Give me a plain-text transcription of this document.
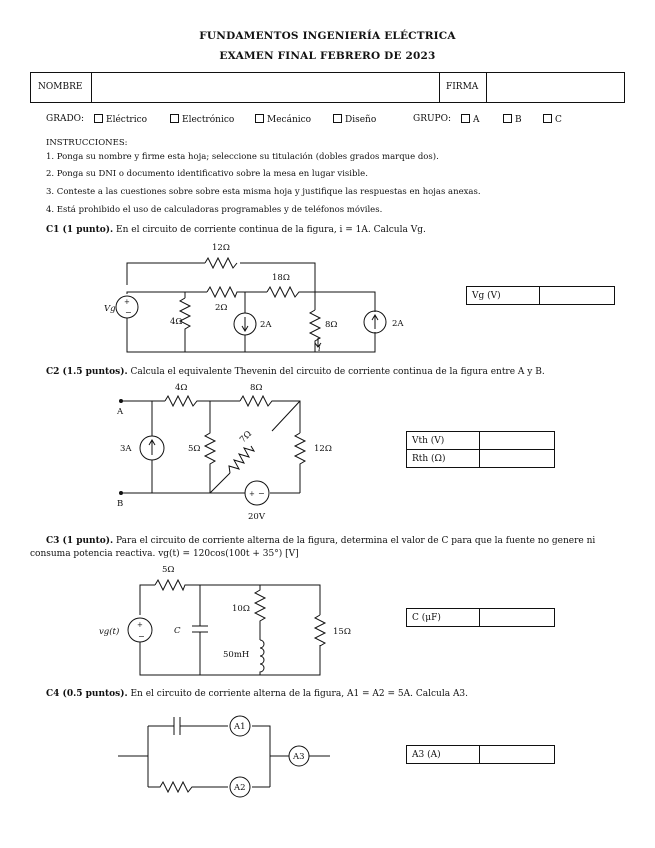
FUNDAMENTOS INGENIERÍA ELÉCTRICA
EXAMEN FINAL FEBRERO DE 2023
NOMBRE	FIRMA
GRADO:	Eléctrico	Electrónico	Mecánico	Diseño	GRUPO:	A	B	C
INSTRUCCIONES:
1. Ponga su nombre y firme esta hoja; seleccione su titulación (dobles grados marque dos).
2. Ponga su DNI o documento identificativo sobre la mesa en lugar visible.
3. Conteste a las cuestiones sobre sobre esta misma hoja y justifique las respuestas en hojas anexas.
4. Está prohibido el uso de calculadoras programables y de teléfonos móviles.
C1 (1 punto). En el circuito de corriente continua de la figura, i = 1A. Calcula Vg.
12Ω
+
−
Vg
4Ω
2Ω
18Ω
2A	8Ω
i
2A
Vg (V)	
C2 (1.5 puntos). Calcula el equivalente Thevenin del circuito de corriente continua de la figura entre A y B.
A
B
4Ω	8Ω
3A	5Ω
7Ω
12Ω
+ −
20V
Vth (V)	
Rth (Ω)	
C3 (1 punto). Para el circuito de corriente alterna de la figura, determina el valor de C para que la fuente no genere ni consuma potencia reactiva. vg(t) = 120cos(100t + 35°) [V]
5Ω
+
−
vg(t)	C
10Ω
50mH
15Ω
C (μF)	
C4 (0.5 puntos). En el circuito de corriente alterna de la figura, A1 = A2 = 5A. Calcula A3.
A1
A2
A3	A3 (A)	
